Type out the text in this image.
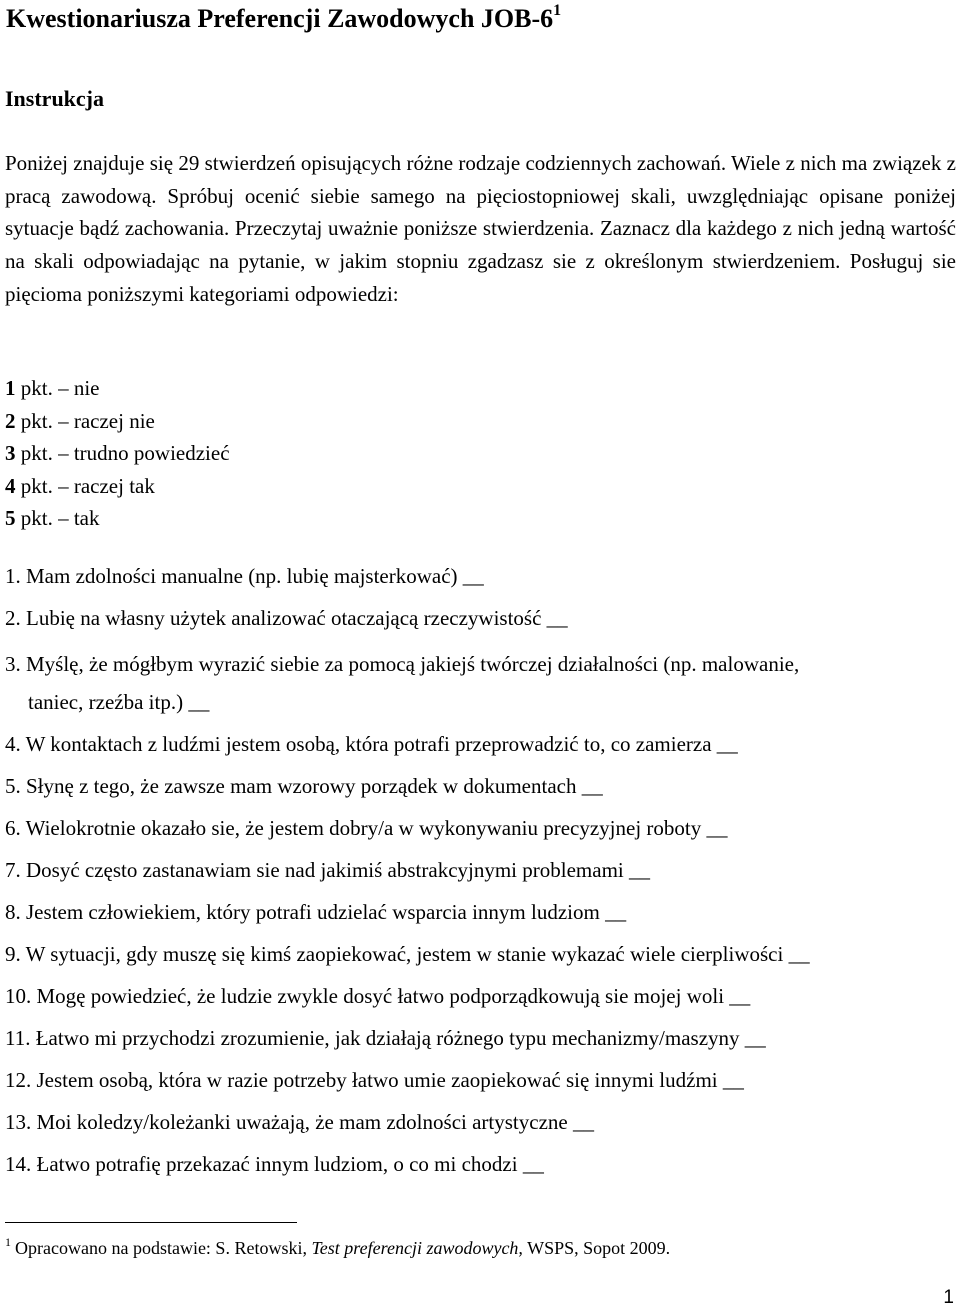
Kwestionariusza Preferencji Zawodowych JOB-$6^1$
Instrukcja
Poniżej znajduje się 29 stwierdzeń opisujących różne rodzaje codziennych zachowań. Wiele z nich ma związek z pracą zawodową. Spróbuj ocenić siebie samego na pięciostopniowej skali, uwzględniając opisane poniżej sytuacje bądź zachowania. Przeczytaj uważnie poniższe stwierdzenia. Zaznacz dla każdego z nich jedną wartość na skali odpowiadając na pytanie, w jakim stopniu zgadzasz sie z określonym stwierdzeniem. Posługuj sie pięcioma poniższymi kategoriami odpowiedzi:
1 pkt. – nie
2 pkt. – raczej nie
3 pkt. – trudno powiedzieć
4 pkt. – raczej tak
5 pkt. – tak
1. Mam zdolności manualne (np. lubię majsterkować) __
2. Lubię na własny użytek analizować otaczającą rzeczywistość __
3. Myślę, że mógłbym wyrazić siebie za pomocą jakiejś twórczej działalności (np. malowanie,
taniec, rzeźba itp.) __
4. W kontaktach z ludźmi jestem osobą, która potrafi przeprowadzić to, co zamierza __
5. Słynę z tego, że zawsze mam wzorowy porządek w dokumentach __
6. Wielokrotnie okazało sie, że jestem dobry/a w wykonywaniu precyzyjnej roboty __
7. Dosyć często zastanawiam sie nad jakimiś abstrakcyjnymi problemami __
8. Jestem człowiekiem, który potrafi udzielać wsparcia innym ludziom __
9. W sytuacji, gdy muszę się kimś zaopiekować, jestem w stanie wykazać wiele cierpliwości __
10. Mogę powiedzieć, że ludzie zwykle dosyć łatwo podporządkowują sie mojej woli __
11. Łatwo mi przychodzi zrozumienie, jak działają różnego typu mechanizmy/maszyny __
12. Jestem osobą, która w razie potrzeby łatwo umie zaopiekować się innymi ludźmi __
13. Moi koledzy/koleżanki uważają, że mam zdolności artystyczne __
14. Łatwo potrafię przekazać innym ludziom, o co mi chodzi __
$^1$ Opracowano na podstawie: S. Retowski, Test preferencji zawodowych, WSPS, Sopot 2009.
1
